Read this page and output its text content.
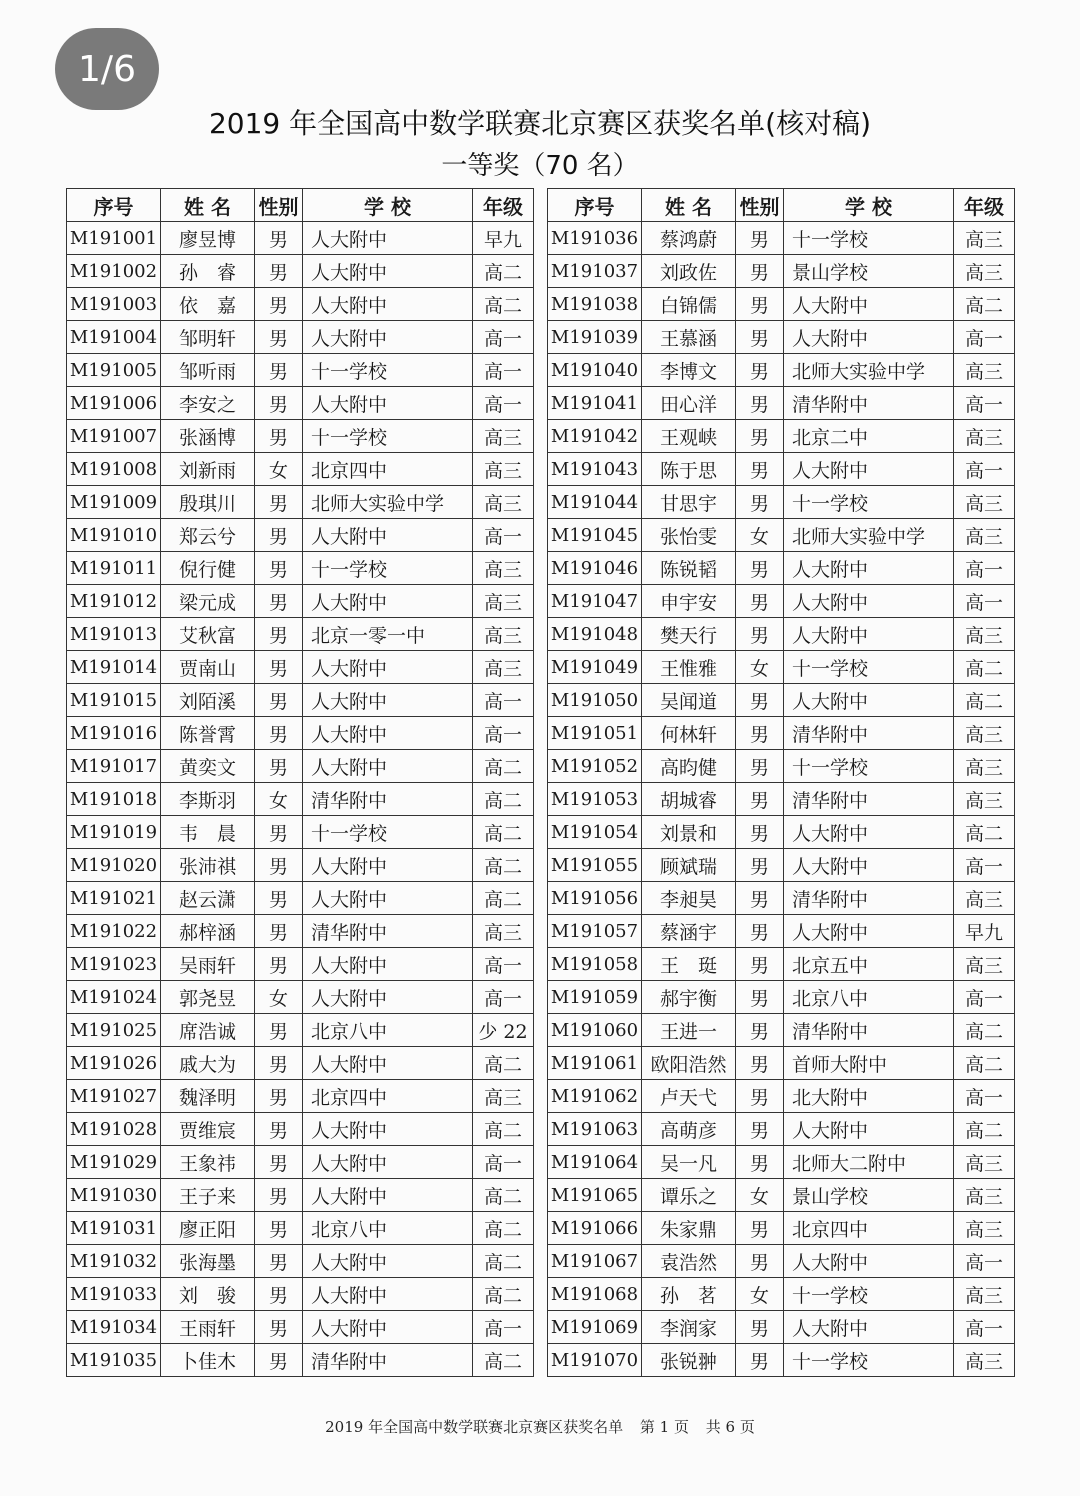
1/6
2019 年全国高中数学联赛北京赛区获奖名单(核对稿)
一等奖（70 名）
序号	姓 名	性别	学 校	年级
M191001	廖昱博	男	人大附中	早九
M191002	孙　睿	男	人大附中	高二
M191003	依　嘉	男	人大附中	高二
M191004	邹明轩	男	人大附中	高一
M191005	邹听雨	男	十一学校	高一
M191006	李安之	男	人大附中	高一
M191007	张涵博	男	十一学校	高三
M191008	刘新雨	女	北京四中	高三
M191009	殷琪川	男	北师大实验中学	高三
M191010	郑云兮	男	人大附中	高一
M191011	倪行健	男	十一学校	高三
M191012	梁元成	男	人大附中	高三
M191013	艾秋富	男	北京一零一中	高三
M191014	贾南山	男	人大附中	高三
M191015	刘陌溪	男	人大附中	高一
M191016	陈誉霄	男	人大附中	高一
M191017	黄奕文	男	人大附中	高二
M191018	李斯羽	女	清华附中	高二
M191019	韦　晨	男	十一学校	高二
M191020	张沛祺	男	人大附中	高二
M191021	赵云潇	男	人大附中	高二
M191022	郝梓涵	男	清华附中	高三
M191023	吴雨轩	男	人大附中	高一
M191024	郭尧昱	女	人大附中	高一
M191025	席浩诚	男	北京八中	少 22
M191026	戚大为	男	人大附中	高二
M191027	魏泽明	男	北京四中	高三
M191028	贾维宸	男	人大附中	高二
M191029	王象祎	男	人大附中	高一
M191030	王子来	男	人大附中	高二
M191031	廖正阳	男	北京八中	高二
M191032	张海墨	男	人大附中	高二
M191033	刘　骏	男	人大附中	高二
M191034	王雨轩	男	人大附中	高一
M191035	卜佳木	男	清华附中	高二
序号	姓 名	性别	学 校	年级
M191036	蔡鸿蔚	男	十一学校	高三
M191037	刘政佐	男	景山学校	高三
M191038	白锦儒	男	人大附中	高二
M191039	王慕涵	男	人大附中	高一
M191040	李博文	男	北师大实验中学	高三
M191041	田心洋	男	清华附中	高一
M191042	王观峡	男	北京二中	高三
M191043	陈于思	男	人大附中	高一
M191044	甘思宇	男	十一学校	高三
M191045	张怡雯	女	北师大实验中学	高三
M191046	陈锐韬	男	人大附中	高一
M191047	申宇安	男	人大附中	高一
M191048	樊天行	男	人大附中	高三
M191049	王惟雅	女	十一学校	高二
M191050	吴闻道	男	人大附中	高二
M191051	何林轩	男	清华附中	高三
M191052	高昀健	男	十一学校	高三
M191053	胡城睿	男	清华附中	高三
M191054	刘景和	男	人大附中	高二
M191055	顾斌瑞	男	人大附中	高一
M191056	李昶昊	男	清华附中	高三
M191057	蔡涵宇	男	人大附中	早九
M191058	王　珽	男	北京五中	高三
M191059	郝宇衡	男	北京八中	高一
M191060	王进一	男	清华附中	高二
M191061	欧阳浩然	男	首师大附中	高二
M191062	卢天弋	男	北大附中	高一
M191063	高萌彦	男	人大附中	高二
M191064	吴一凡	男	北师大二附中	高三
M191065	谭乐之	女	景山学校	高三
M191066	朱家鼎	男	北京四中	高三
M191067	袁浩然	男	人大附中	高一
M191068	孙　茗	女	十一学校	高三
M191069	李润家	男	人大附中	高一
M191070	张锐翀	男	十一学校	高三
2019 年全国高中数学联赛北京赛区获奖名单 第 1 页 共 6 页
